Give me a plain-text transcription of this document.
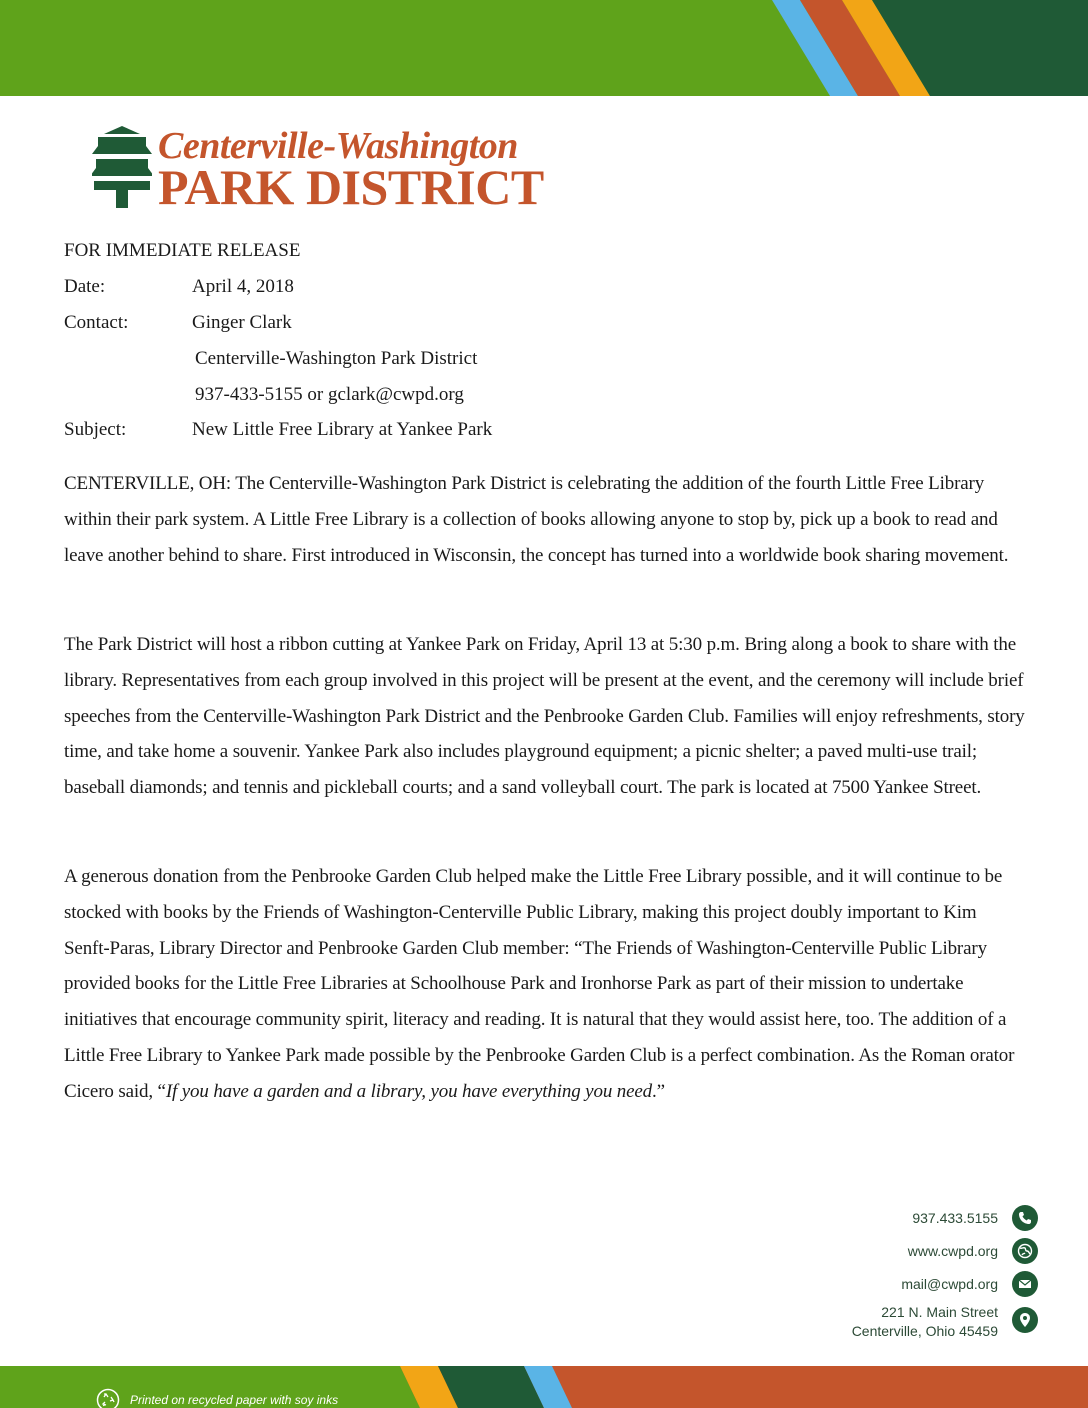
Centerville-Washington
PARK DISTRICT
FOR IMMEDIATE RELEASE
Date:	April 4, 2018
Contact:	Ginger Clark
Centerville-Washington Park District
937-433-5155 or gclark@cwpd.org
Subject:	New Little Free Library at Yankee Park

CENTERVILLE, OH: The Centerville-Washington Park District is celebrating the addition of the fourth Little Free Library within their park system. A Little Free Library is a collection of books allowing anyone to stop by, pick up a book to read and leave another behind to share. First introduced in Wisconsin, the concept has turned into a worldwide book sharing movement.

The Park District will host a ribbon cutting at Yankee Park on Friday, April 13 at 5:30 p.m. Bring along a book to share with the library. Representatives from each group involved in this project will be present at the event, and the ceremony will include brief speeches from the Centerville-Washington Park District and the Penbrooke Garden Club. Families will enjoy refreshments, story time, and take home a souvenir. Yankee Park also includes playground equipment; a picnic shelter; a paved multi-use trail; baseball diamonds; and tennis and pickleball courts; and a sand volleyball court. The park is located at 7500 Yankee Street.

A generous donation from the Penbrooke Garden Club helped make the Little Free Library possible, and it will continue to be stocked with books by the Friends of Washington-Centerville Public Library, making this project doubly important to Kim Senft-Paras, Library Director and Penbrooke Garden Club member: “The Friends of Washington-Centerville Public Library provided books for the Little Free Libraries at Schoolhouse Park and Ironhorse Park as part of their mission to undertake initiatives that encourage community spirit, literacy and reading. It is natural that they would assist here, too. The addition of a Little Free Library to Yankee Park made possible by the Penbrooke Garden Club is a perfect combination. As the Roman orator Cicero said, “If you have a garden and a library, you have everything you need.”

937.433.5155
www.cwpd.org
mail@cwpd.org
221 N. Main Street
Centerville, Ohio 45459
Printed on recycled paper with soy inks
